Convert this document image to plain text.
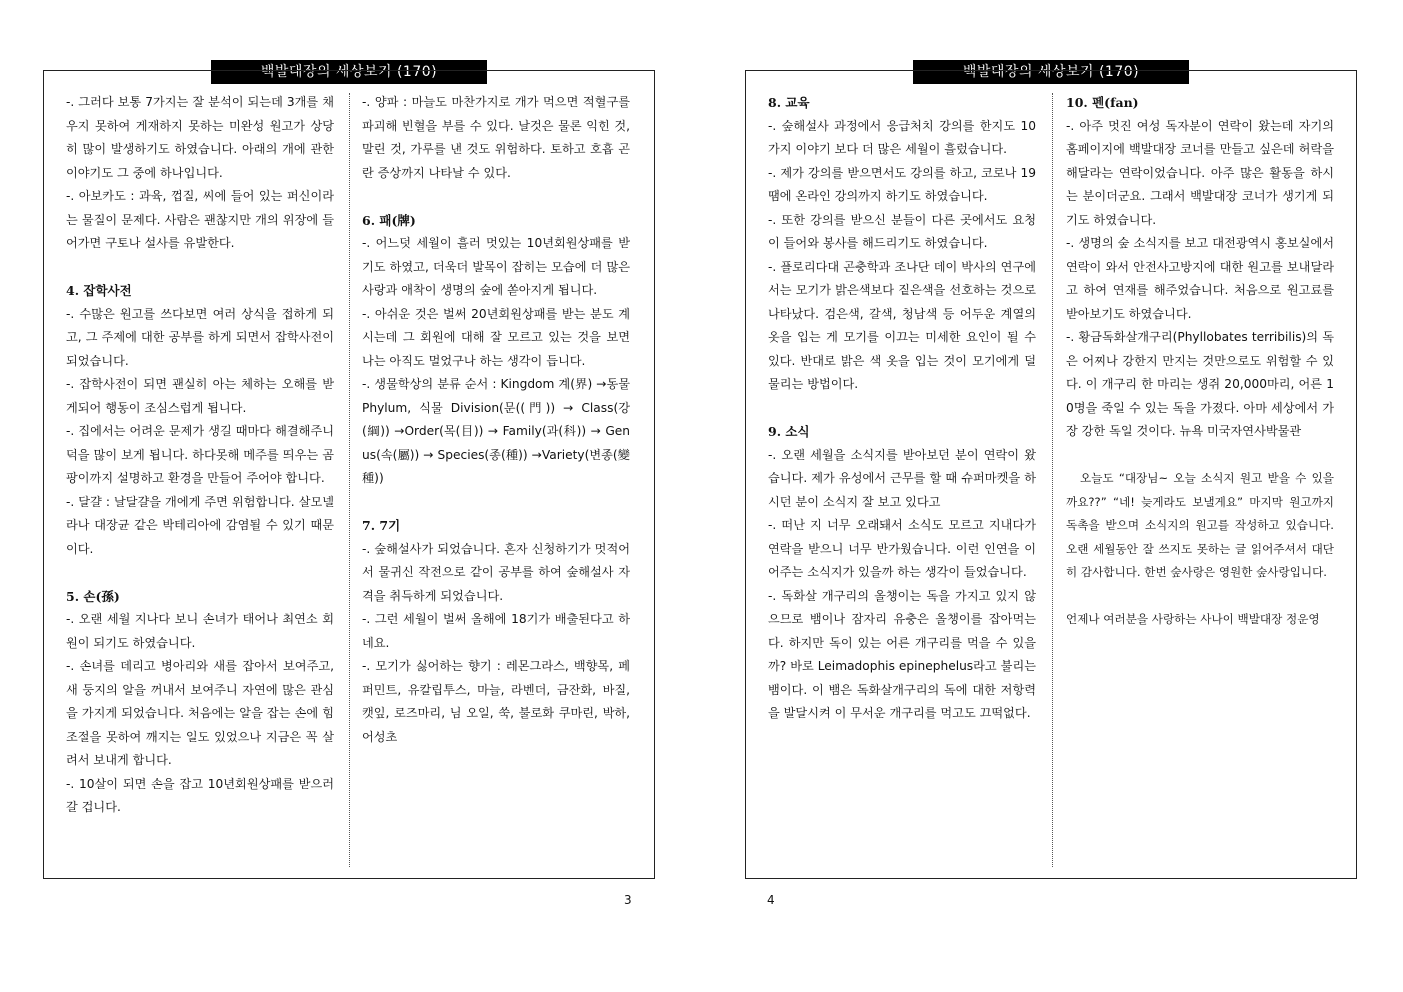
백발대장의 세상보기 (170)

-. 그러다 보통 7가지는 잘 분석이 되는데 3개를 채우지 못하여 게재하지 못하는 미완성 원고가 상당히 많이 발생하기도 하였습니다. 아래의 개에 관한 이야기도 그 중에 하나입니다.

-. 아보카도 : 과육, 껍질, 씨에 들어 있는 퍼신이라는 물질이 문제다. 사람은 괜찮지만 개의 위장에 들어가면 구토나 설사를 유발한다.

4. 잡학사전

-. 수많은 원고를 쓰다보면 여러 상식을 접하게 되고, 그 주제에 대한 공부를 하게 되면서 잡학사전이 되었습니다.

-. 잡학사전이 되면 괜실히 아는 체하는 오해를 받게되어 행동이 조심스럽게 됩니다.

-. 집에서는 어려운 문제가 생길 때마다 해결해주니 덕을 많이 보게 됩니다. 하다못해 메주를 띄우는 곰팡이까지 설명하고 환경을 만들어 주어야 합니다.

-. 달걀 : 날달걀을 개에게 주면 위험합니다. 살모넬라나 대장균 같은 박테리아에 감염될 수 있기 때문이다.

5. 손(孫)

-. 오랜 세월 지나다 보니 손녀가 태어나 최연소 회원이 되기도 하였습니다.

-. 손녀를 데리고 병아리와 새를 잡아서 보여주고, 새 둥지의 알을 꺼내서 보여주니 자연에 많은 관심을 가지게 되었습니다. 처음에는 알을 잡는 손에 힘 조절을 못하여 깨지는 일도 있었으나 지금은 꼭 살려서 보내게 합니다.

-. 10살이 되면 손을 잡고 10년회원상패를 받으러 갈 겁니다.

-. 양파 : 마늘도 마찬가지로 개가 먹으면 적혈구를 파괴해 빈혈을 부를 수 있다. 날것은 물론 익힌 것, 말린 것, 가루를 낸 것도 위험하다. 토하고 호흡 곤란 증상까지 나타날 수 있다.

6. 패(牌)

-. 어느덧 세월이 흘러 멋있는 10년회원상패를 받기도 하였고, 더욱더 발목이 잡히는 모습에 더 많은 사랑과 애착이 생명의 숲에 쏟아지게 됩니다.

-. 아쉬운 것은 벌써 20년회원상패를 받는 분도 계시는데 그 회원에 대해 잘 모르고 있는 것을 보면 나는 아직도 멀었구나 하는 생각이 듭니다.

-. 생물학상의 분류 순서 : Kingdom 계(界) →동물 Phylum, 식물 Division(문((門)) → Class(강(綱)) →Order(목(目)) → Family(과(科)) → Genus(속(屬)) → Species(종(種)) →Variety(변종(變種))

7. 7기

-. 숲해설사가 되었습니다. 혼자 신청하기가 멋적어서 물귀신 작전으로 같이 공부를 하여 숲해설사 자격을 취득하게 되었습니다.

-. 그런 세월이 벌써 올해에 18기가 배출된다고 하네요.

-. 모기가 싫어하는 향기 : 레몬그라스, 백향목, 페퍼민트, 유칼립투스, 마늘, 라벤더, 금잔화, 바질, 캣잎, 로즈마리, 님 오일, 쑥, 불로화 쿠마린, 박하, 어성초

3
백발대장의 세상보기 (170)
8. 교육

-. 숲해설사 과정에서 응급처치 강의를 한지도 10가지 이야기 보다 더 많은 세월이 흘렀습니다.

-. 제가 강의를 받으면서도 강의를 하고, 코로나 19 땜에 온라인 강의까지 하기도 하였습니다.

-. 또한 강의를 받으신 분들이 다른 곳에서도 요청이 들어와 봉사를 해드리기도 하였습니다.

-. 플로리다대 곤충학과 조나단 데이 박사의 연구에서는 모기가 밝은색보다 짙은색을 선호하는 것으로 나타났다. 검은색, 갈색, 청남색 등 어두운 계열의 옷을 입는 게 모기를 이끄는 미세한 요인이 될 수 있다. 반대로 밝은 색 옷을 입는 것이 모기에게 덜 물리는 방법이다.

9. 소식

-. 오랜 세월을 소식지를 받아보던 분이 연락이 왔습니다. 제가 유성에서 근무를 할 때 슈퍼마켓을 하시던 분이 소식지 잘 보고 있다고

-. 떠난 지 너무 오래돼서 소식도 모르고 지내다가 연락을 받으니 너무 반가웠습니다. 이런 인연을 이어주는 소식지가 있을까 하는 생각이 들었습니다.

-. 독화살 개구리의 올챙이는 독을 가지고 있지 않으므로 뱀이나 잠자리 유충은 올챙이를 잡아먹는다. 하지만 독이 있는 어른 개구리를 먹을 수 있을까? 바로 Leimadophis epinephelus라고 불리는 뱀이다. 이 뱀은 독화살개구리의 독에 대한 저항력을 발달시켜 이 무서운 개구리를 먹고도 끄떡없다.

10. 펜(fan)

-. 아주 멋진 여성 독자분이 연락이 왔는데 자기의 홈페이지에 백발대장 코너를 만들고 싶은데 허락을 해달라는 연락이었습니다. 아주 많은 활동을 하시는 분이더군요. 그래서 백발대장 코너가 생기게 되기도 하였습니다.

-. 생명의 숲 소식지를 보고 대전광역시 홍보실에서 연락이 와서 안전사고방지에 대한 원고를 보내달라고 하여 연재를 해주었습니다. 처음으로 원고료를 받아보기도 하였습니다.

-. 황금독화살개구리(Phyllobates terribilis)의 독은 어찌나 강한지 만지는 것만으로도 위험할 수 있다. 이 개구리 한 마리는 생쥐 20,000마리, 어른 10명을 죽일 수 있는 독을 가졌다. 아마 세상에서 가장 강한 독일 것이다. 뉴욕 미국자연사박물관

오늘도 “대장님~ 오늘 소식지 원고 받을 수 있을까요??” “네! 늦게라도 보낼게요” 마지막 원고까지 독촉을 받으며 소식지의 원고를 작성하고 있습니다. 오랜 세월동안 잘 쓰지도 못하는 글 읽어주셔서 대단히 감사합니다. 한번 숲사랑은 영원한 숲사랑입니다.

언제나 여러분을 사랑하는 사나이 백발대장 정운영

4
